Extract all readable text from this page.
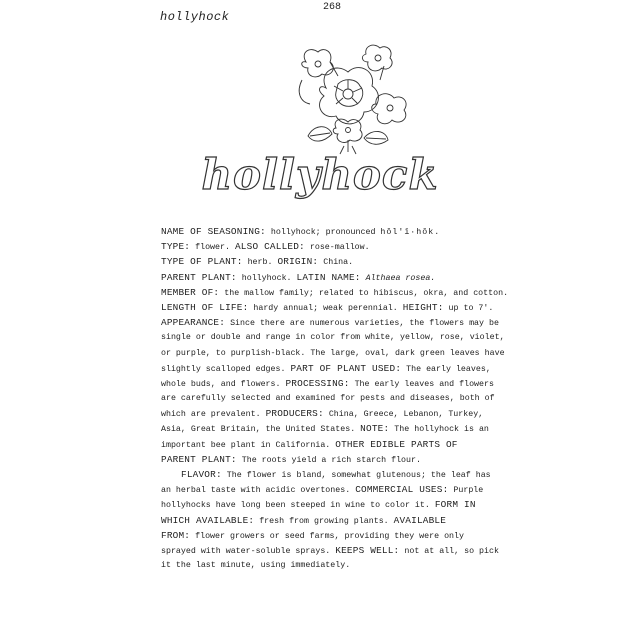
hollyhock
268
hollyhock
NAME OF SEASONING: hollyhock; pronounced hŏl'ī·hŏk.
TYPE: flower. ALSO CALLED: rose-mallow.
TYPE OF PLANT: herb. ORIGIN: China.
PARENT PLANT: hollyhock. LATIN NAME: Althaea rosea.
MEMBER OF: the mallow family; related to hibiscus, okra, and cotton.
LENGTH OF LIFE: hardy annual; weak perennial. HEIGHT: up to 7'.
APPEARANCE: Since there are numerous varieties, the flowers may be
single or double and range in color from white, yellow, rose, violet,
or purple, to purplish-black. The large, oval, dark green leaves have
slightly scalloped edges. PART OF PLANT USED: The early leaves,
whole buds, and flowers. PROCESSING: The early leaves and flowers
are carefully selected and examined for pests and diseases, both of
which are prevalent. PRODUCERS: China, Greece, Lebanon, Turkey,
Asia, Great Britain, the United States. NOTE: The hollyhock is an
important bee plant in California. OTHER EDIBLE PARTS OF
PARENT PLANT: The roots yield a rich starch flour.
FLAVOR: The flower is bland, somewhat glutenous; the leaf has
an herbal taste with acidic overtones. COMMERCIAL USES: Purple
hollyhocks have long been steeped in wine to color it. FORM IN
WHICH AVAILABLE: fresh from growing plants. AVAILABLE
FROM: flower growers or seed farms, providing they were only
sprayed with water-soluble sprays. KEEPS WELL: not at all, so pick
it the last minute, using immediately.
